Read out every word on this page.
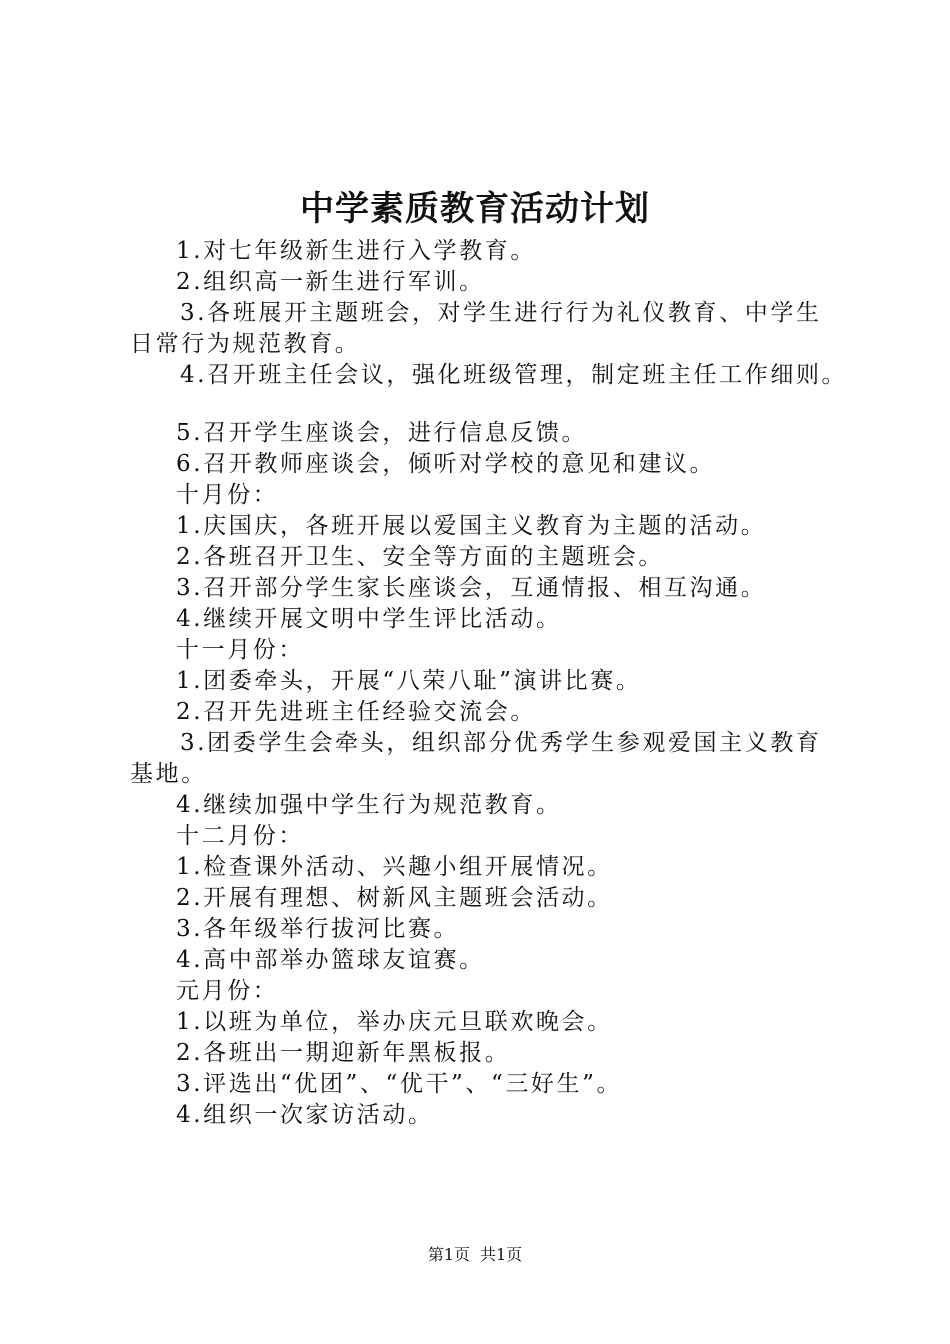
中学素质教育活动计划
1.对七年级新生进行入学教育。
2.组织高一新生进行军训。
3.各班展开主题班会，对学生进行行为礼仪教育、中学生
日常行为规范教育。
4.召开班主任会议，强化班级管理，制定班主任工作细则。
5.召开学生座谈会，进行信息反馈。
6.召开教师座谈会，倾听对学校的意见和建议。
十月份：
1.庆国庆，各班开展以爱国主义教育为主题的活动。
2.各班召开卫生、安全等方面的主题班会。
3.召开部分学生家长座谈会，互通情报、相互沟通。
4.继续开展文明中学生评比活动。
十一月份：
1.团委牵头，开展“八荣八耻”演讲比赛。
2.召开先进班主任经验交流会。
3.团委学生会牵头，组织部分优秀学生参观爱国主义教育
基地。
4.继续加强中学生行为规范教育。
十二月份：
1.检查课外活动、兴趣小组开展情况。
2.开展有理想、树新风主题班会活动。
3.各年级举行拔河比赛。
4.高中部举办篮球友谊赛。
元月份：
1.以班为单位，举办庆元旦联欢晚会。
2.各班出一期迎新年黑板报。
3.评选出“优团”、“优干”、“三好生”。
4.组织一次家访活动。
第1页 共1页
